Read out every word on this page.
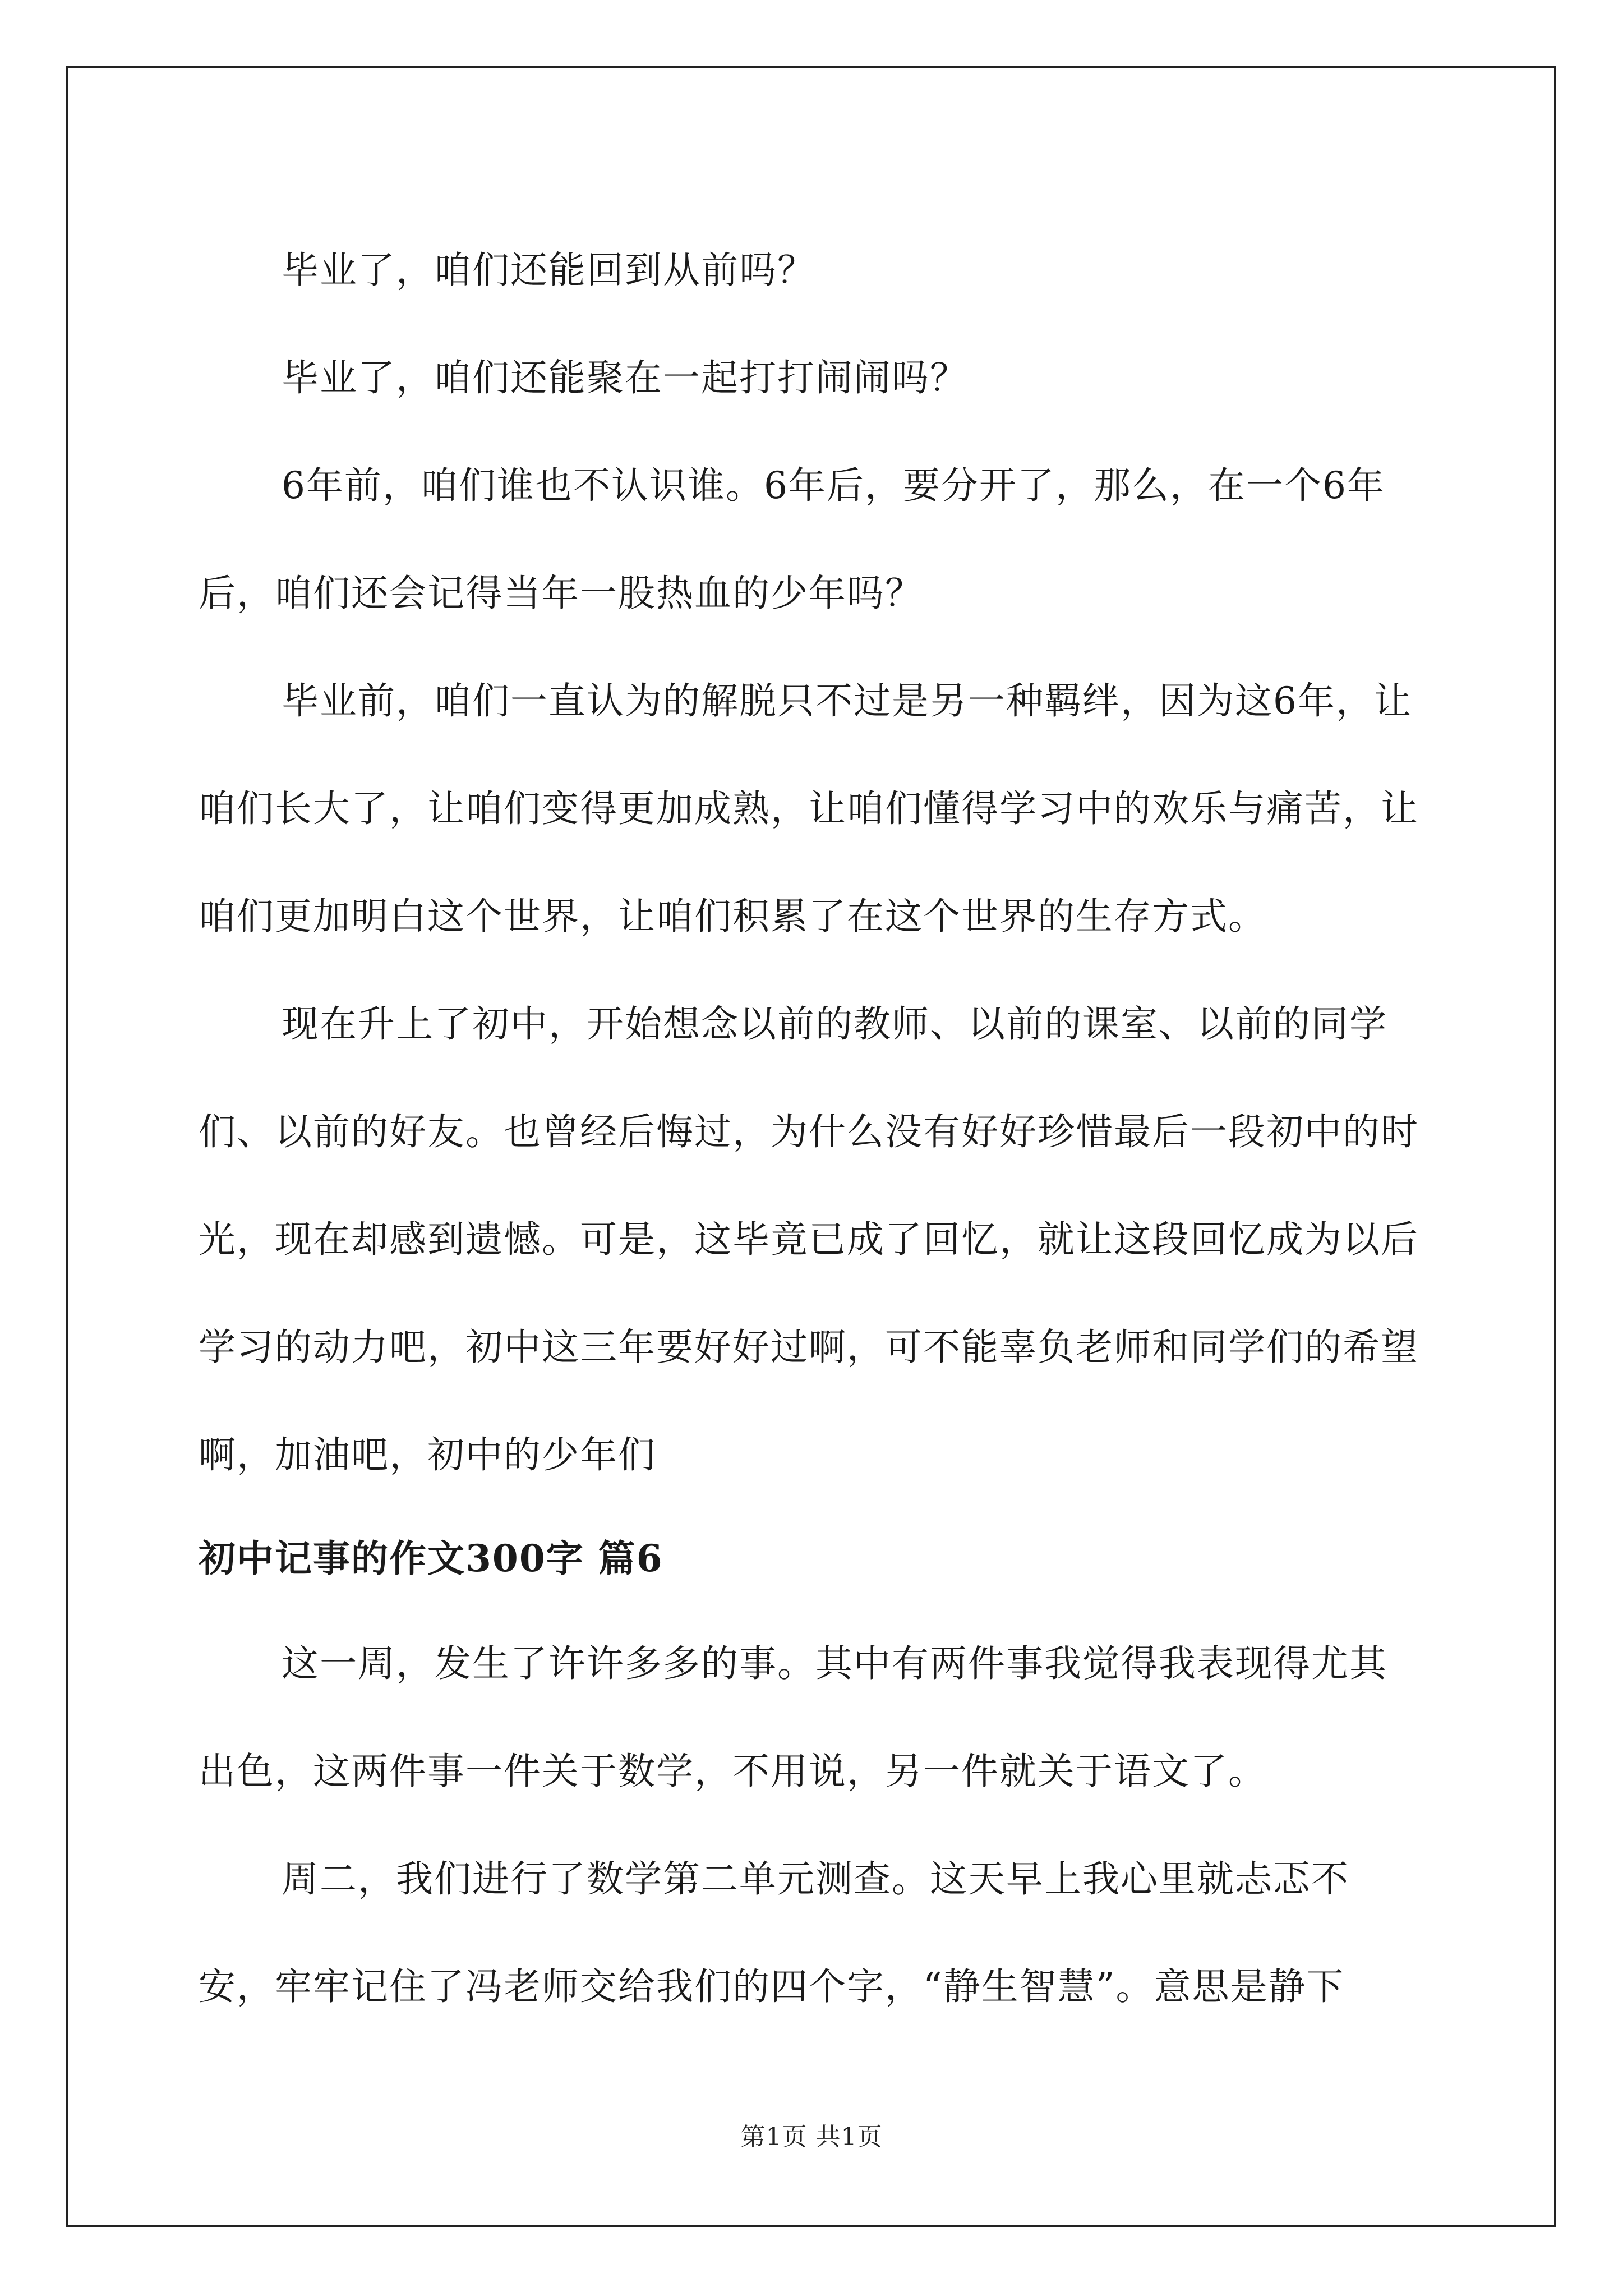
毕业了，咱们还能回到从前吗？

毕业了，咱们还能聚在一起打打闹闹吗？

6年前，咱们谁也不认识谁。6年后，要分开了，那么，在一个6年后，咱们还会记得当年一股热血的少年吗？

毕业前，咱们一直认为的解脱只不过是另一种羁绊，因为这6年，让咱们长大了，让咱们变得更加成熟，让咱们懂得学习中的欢乐与痛苦，让咱们更加明白这个世界，让咱们积累了在这个世界的生存方式。

现在升上了初中，开始想念以前的教师、以前的课室、以前的同学们、以前的好友。也曾经后悔过，为什么没有好好珍惜最后一段初中的时光，现在却感到遗憾。可是，这毕竟已成了回忆，就让这段回忆成为以后学习的动力吧，初中这三年要好好过啊，可不能辜负老师和同学们的希望啊，加油吧，初中的少年们

初中记事的作文300字 篇6

这一周，发生了许许多多的事。其中有两件事我觉得我表现得尤其出色，这两件事一件关于数学，不用说，另一件就关于语文了。

周二，我们进行了数学第二单元测查。这天早上我心里就忐忑不安，牢牢记住了冯老师交给我们的四个字，“静生智慧”。意思是静下

第1页 共1页
